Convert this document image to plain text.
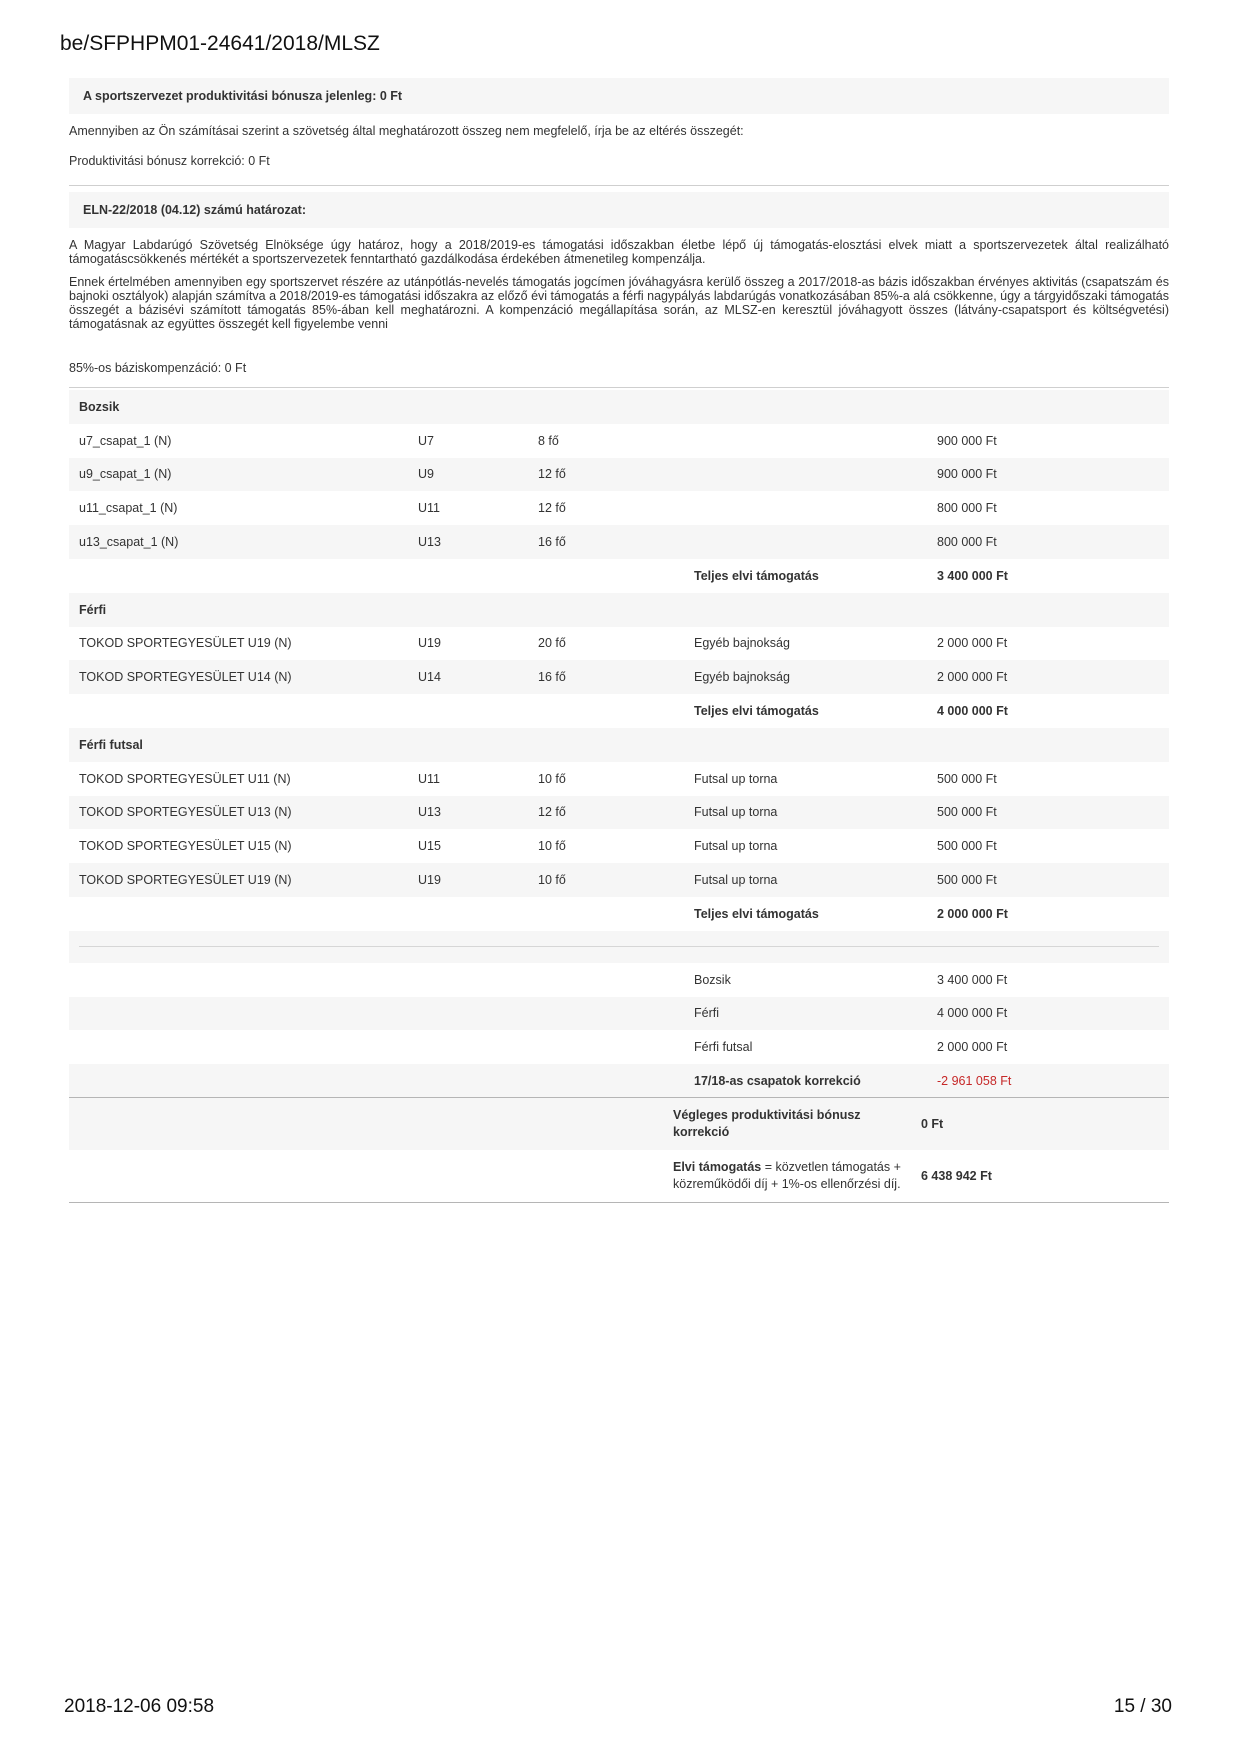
be/SFPHPM01-24641/2018/MLSZ
A sportszervezet produktivitási bónusza jelenleg: 0 Ft
Amennyiben az Ön számításai szerint a szövetség által meghatározott összeg nem megfelelő, írja be az eltérés összegét:
Produktivitási bónusz korrekció: 0 Ft
ELN-22/2018 (04.12) számú határozat:
A Magyar Labdarúgó Szövetség Elnöksége úgy határoz, hogy a 2018/2019-es támogatási időszakban életbe lépő új támogatás-elosztási elvek miatt a sportszervezetek által realizálható támogatáscsökkenés mértékét a sportszervezetek fenntartható gazdálkodása érdekében átmenetileg kompenzálja.
Ennek értelmében amennyiben egy sportszervet részére az utánpótlás-nevelés támogatás jogcímen jóváhagyásra kerülő összeg a 2017/2018-as bázis időszakban érvényes aktivitás (csapatszám és bajnoki osztályok) alapján számítva a 2018/2019-es támogatási időszakra az előző évi támogatás a férfi nagypályás labdarúgás vonatkozásában 85%-a alá csökkenne, úgy a tárgyidőszaki támogatás összegét a bázisévi számított támogatás 85%-ában kell meghatározni. A kompenzáció megállapítása során, az MLSZ-en keresztül jóváhagyott összes (látvány-csapatsport és költségvetési) támogatásnak az együttes összegét kell figyelembe venni
85%-os báziskompenzáció: 0 Ft
Bozsik				
u7_csapat_1 (N)	U7	8 fő		900 000 Ft
u9_csapat_1 (N)	U9	12 fő		900 000 Ft
u11_csapat_1 (N)	U11	12 fő		800 000 Ft
u13_csapat_1 (N)	U13	16 fő		800 000 Ft
			Teljes elvi támogatás	3 400 000 Ft
Férfi				
TOKOD SPORTEGYESÜLET U19 (N)	U19	20 fő	Egyéb bajnokság	2 000 000 Ft
TOKOD SPORTEGYESÜLET U14 (N)	U14	16 fő	Egyéb bajnokság	2 000 000 Ft
			Teljes elvi támogatás	4 000 000 Ft
Férfi futsal				
TOKOD SPORTEGYESÜLET U11 (N)	U11	10 fő	Futsal up torna	500 000 Ft
TOKOD SPORTEGYESÜLET U13 (N)	U13	12 fő	Futsal up torna	500 000 Ft
TOKOD SPORTEGYESÜLET U15 (N)	U15	10 fő	Futsal up torna	500 000 Ft
TOKOD SPORTEGYESÜLET U19 (N)	U19	10 fő	Futsal up torna	500 000 Ft
			Teljes elvi támogatás	2 000 000 Ft

			Bozsik	3 400 000 Ft
			Férfi	4 000 000 Ft
			Férfi futsal	2 000 000 Ft
			17/18-as csapatok korrekció	-2 961 058 Ft
	Végleges produktivitási bónusz korrekció	0 Ft
	Elvi támogatás = közvetlen támogatás + közreműködői díj + 1%-os ellenőrzési díj.	6 438 942 Ft
2018-12-06 09:58	15 / 30
